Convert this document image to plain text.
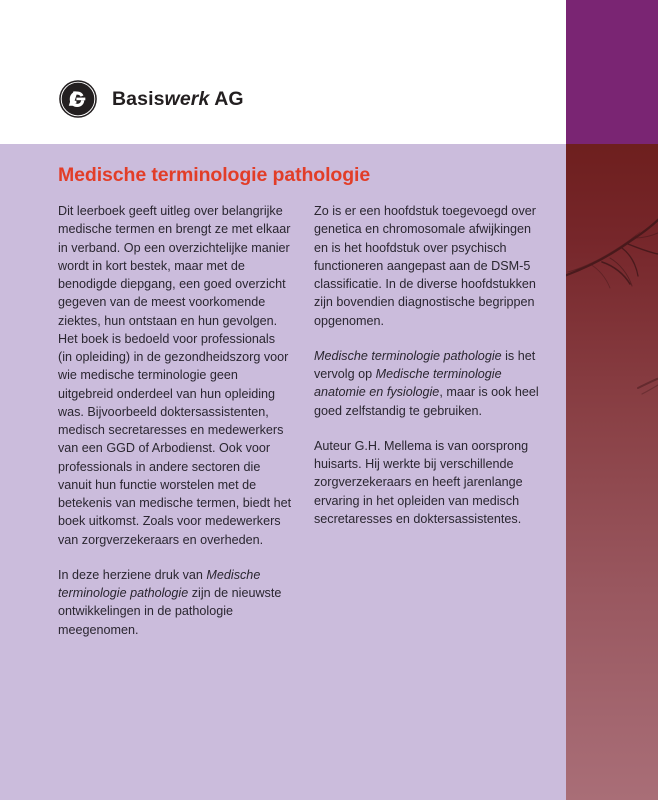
Basiswerk AG
Medische terminologie pathologie

Dit leerboek geeft uitleg over belangrijke medische termen en brengt ze met elkaar in verband. Op een overzichtelijke manier wordt in kort bestek, maar met de benodigde diepgang, een goed overzicht gegeven van de meest voorkomende ziektes, hun ontstaan en hun gevolgen. Het boek is bedoeld voor professionals (in opleiding) in de gezondheidszorg voor wie medische terminologie geen uitgebreid onderdeel van hun opleiding was. Bijvoorbeeld doktersassistenten, medisch secretaresses en medewerkers van een GGD of Arbodienst. Ook voor professionals in andere sectoren die vanuit hun functie worstelen met de betekenis van medische termen, biedt het boek uitkomst. Zoals voor medewerkers van zorgverzekeraars en overheden.

In deze herziene druk van Medische terminologie pathologie zijn de nieuwste ontwikkelingen in de pathologie meegenomen.

Zo is er een hoofdstuk toegevoegd over genetica en chromosomale afwijkingen en is het hoofdstuk over psychisch functioneren aangepast aan de DSM-5 classificatie. In de diverse hoofdstukken zijn bovendien diagnostische begrippen opgenomen.

Medische terminologie pathologie is het vervolg op Medische terminologie anatomie en fysiologie, maar is ook heel goed zelfstandig te gebruiken.

Auteur G.H. Mellema is van oorsprong huisarts. Hij werkte bij verschillende zorgverzekeraars en heeft jarenlange ervaring in het opleiden van medisch secretaresses en doktersassistentes.
